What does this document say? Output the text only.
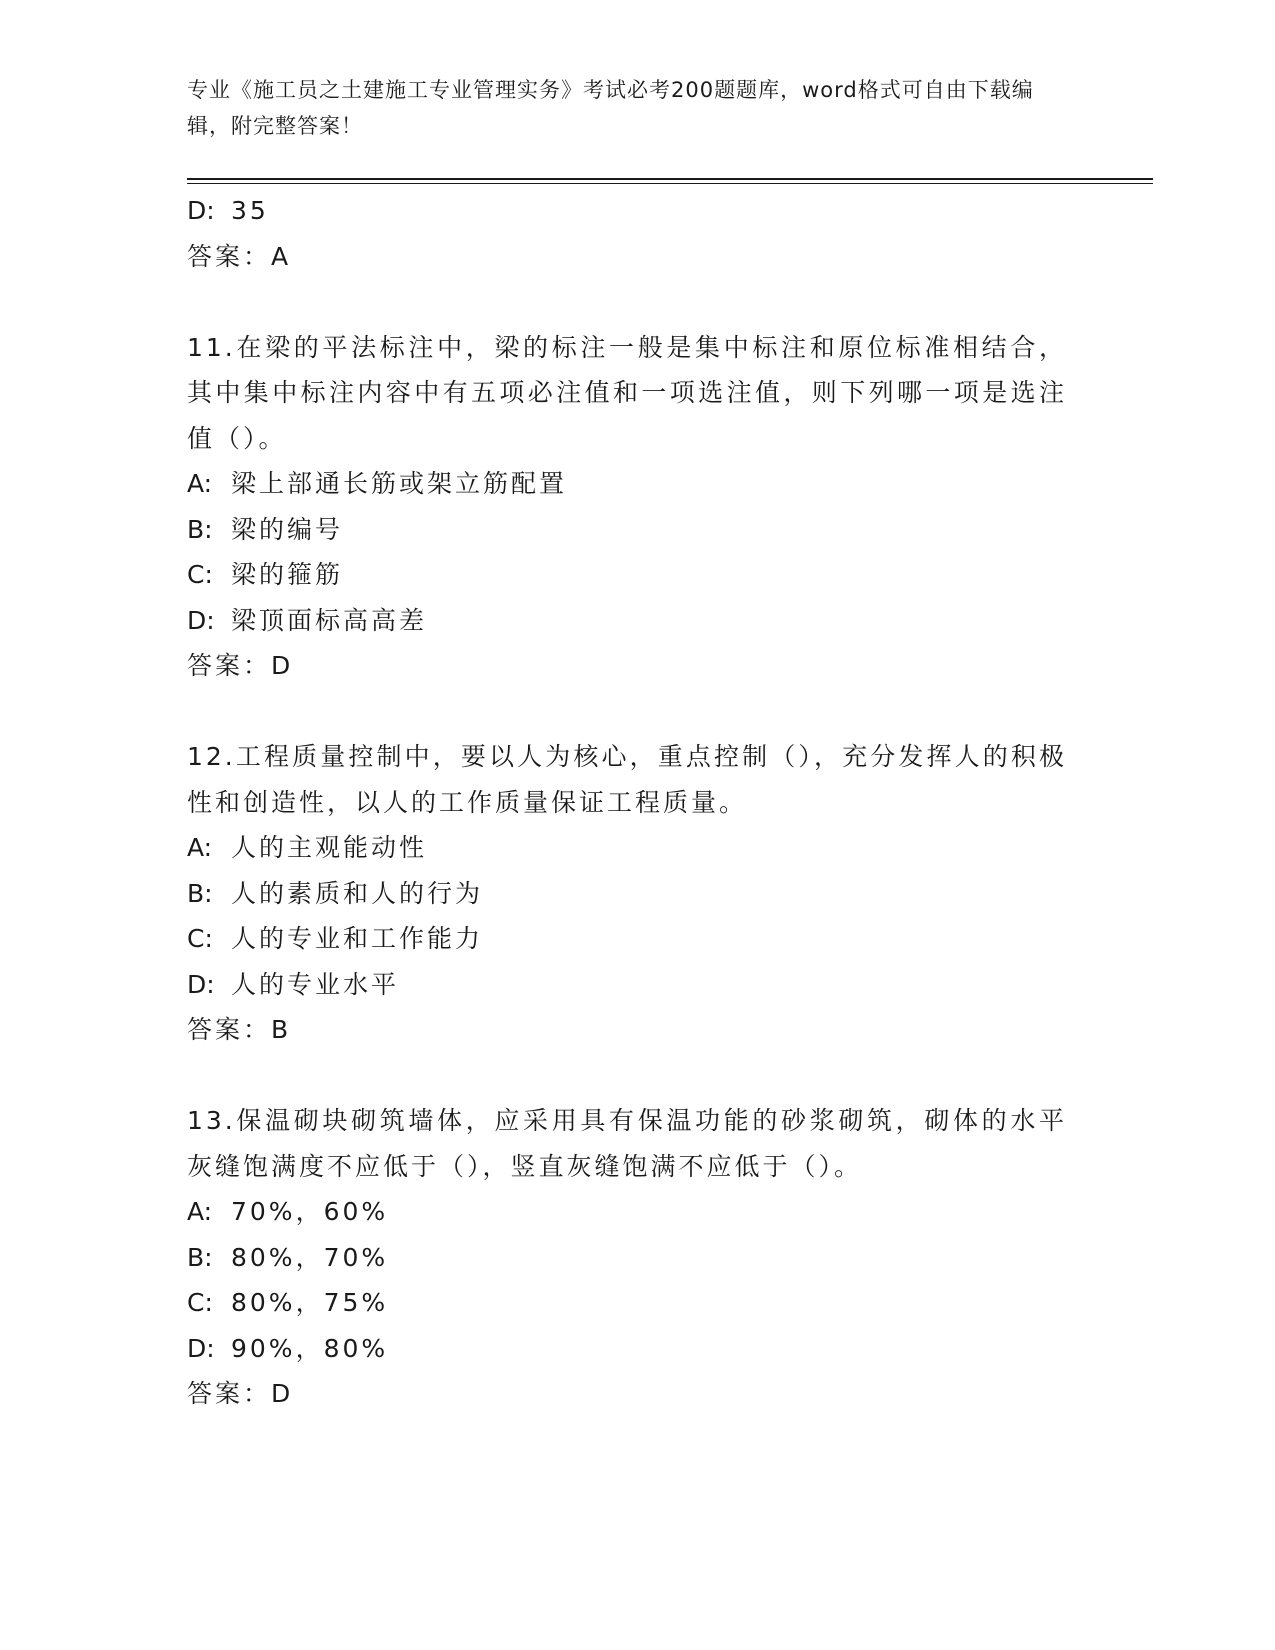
专业《施工员之土建施工专业管理实务》考试必考200题题库，word格式可自由下载编辑，附完整答案！
D: 35
答案：A
11.在梁的平法标注中，梁的标注一般是集中标注和原位标准相结合，其中集中标注内容中有五项必注值和一项选注值，则下列哪一项是选注值（）。
A: 梁上部通长筋或架立筋配置
B: 梁的编号
C: 梁的箍筋
D: 梁顶面标高高差
答案：D
12.工程质量控制中，要以人为核心，重点控制（），充分发挥人的积极性和创造性，以人的工作质量保证工程质量。
A: 人的主观能动性
B: 人的素质和人的行为
C: 人的专业和工作能力
D: 人的专业水平
答案：B
13.保温砌块砌筑墙体，应采用具有保温功能的砂浆砌筑，砌体的水平灰缝饱满度不应低于（），竖直灰缝饱满不应低于（）。
A: 70%，60%
B: 80%，70%
C: 80%，75%
D: 90%，80%
答案：D
